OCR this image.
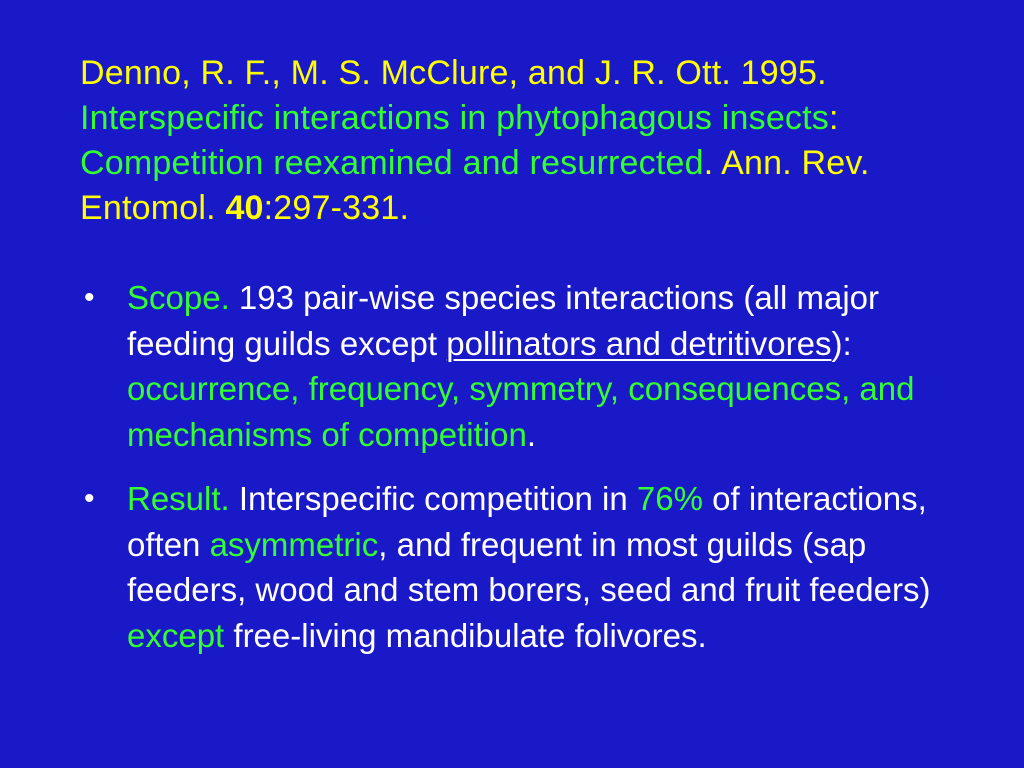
Denno, R. F., M. S. McClure, and J. R. Ott. 1995. Interspecific interactions in phytophagous insects: Competition reexamined and resurrected. Ann. Rev. Entomol. 40:297-331.
• Scope. 193 pair-wise species interactions (all major feeding guilds except pollinators and detritivores): occurrence, frequency, symmetry, consequences, and mechanisms of competition.
• Result. Interspecific competition in 76% of interactions, often asymmetric, and frequent in most guilds (sap feeders, wood and stem borers, seed and fruit feeders) except free-living mandibulate folivores.
